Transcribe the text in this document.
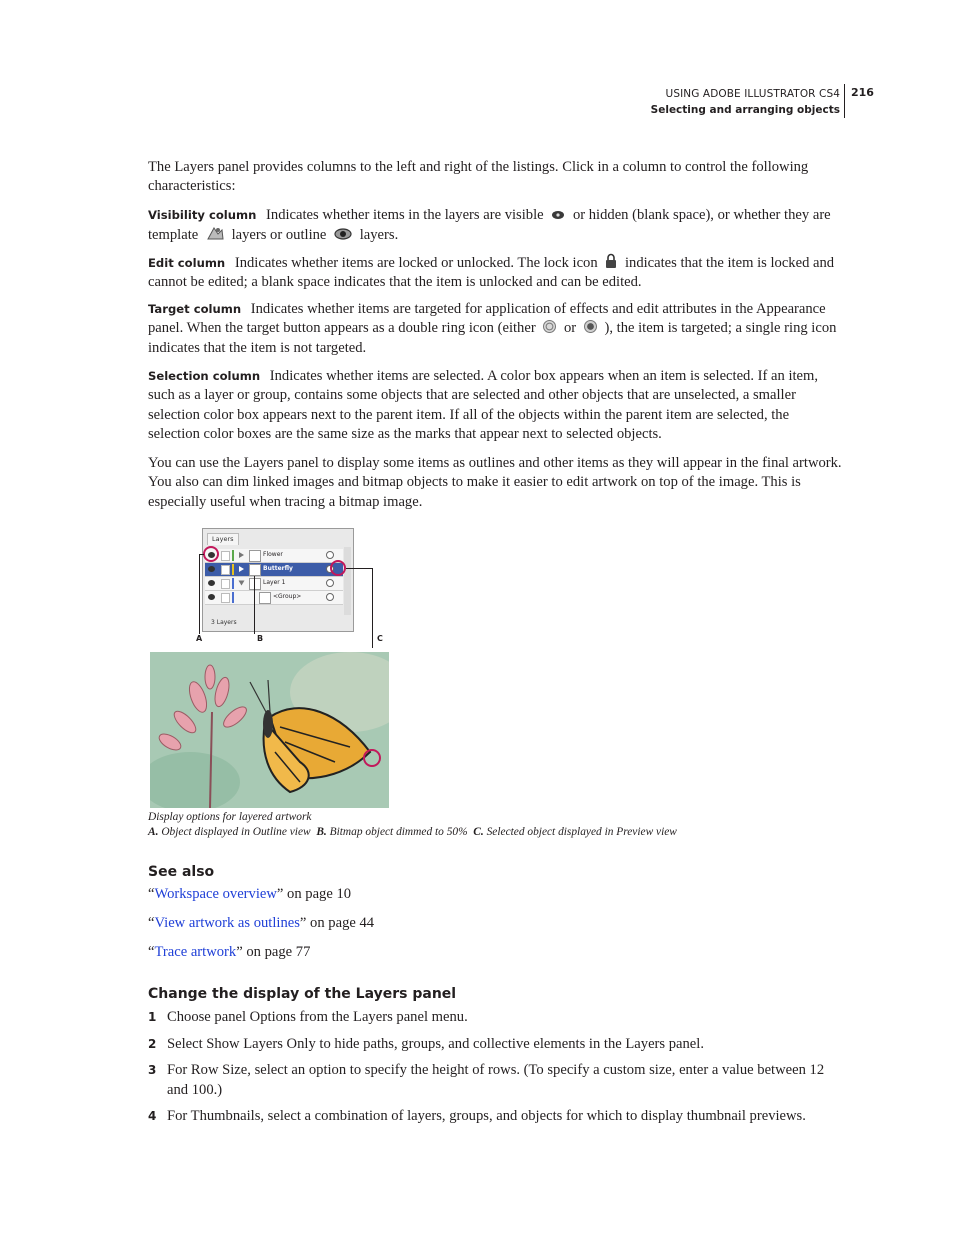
USING ADOBE ILLUSTRATOR CS4
Selecting and arranging objects
216

The Layers panel provides columns to the left and right of the listings. Click in a column to control the following characteristics:

Visibility column Indicates whether items in the layers are visible or hidden (blank space), or whether they are template layers or outline layers.

Edit column Indicates whether items are locked or unlocked. The lock icon indicates that the item is locked and cannot be edited; a blank space indicates that the item is unlocked and can be edited.

Target column Indicates whether items are targeted for application of effects and edit attributes in the Appearance panel. When the target button appears as a double ring icon (either or ), the item is targeted; a single ring icon indicates that the item is not targeted.

Selection column Indicates whether items are selected. A color box appears when an item is selected. If an item, such as a layer or group, contains some objects that are selected and other objects that are unselected, a smaller selection color box appears next to the parent item. If all of the objects within the parent item are selected, the selection color boxes are the same size as the marks that appear next to selected objects.

You can use the Layers panel to display some items as outlines and other items as they will appear in the final artwork. You also can dim linked images and bitmap objects to make it easier to edit artwork on top of the image. This is especially useful when tracing a bitmap image.

Layers
Flower
Butterfly
Layer 1
<Group>
3 Layers
A	B	C
Display options for layered artwork
A. Object displayed in Outline view B. Bitmap object dimmed to 50% C. Selected object displayed in Preview view
See also
“Workspace overview” on page 10
“View artwork as outlines” on page 44
“Trace artwork” on page 77
Change the display of the Layers panel
1 Choose panel Options from the Layers panel menu.
2 Select Show Layers Only to hide paths, groups, and collective elements in the Layers panel.
3 For Row Size, select an option to specify the height of rows. (To specify a custom size, enter a value between 12 and 100.)
4 For Thumbnails, select a combination of layers, groups, and objects for which to display thumbnail previews.
